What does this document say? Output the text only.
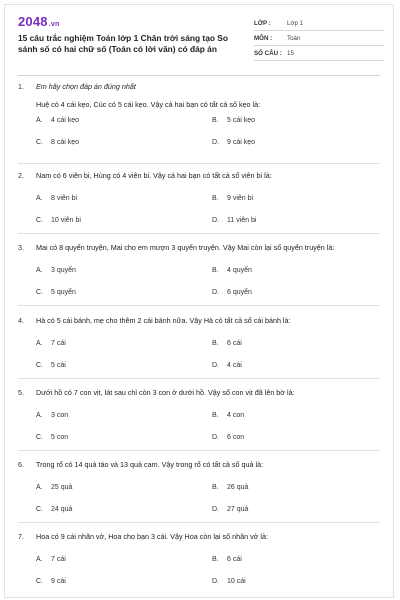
2048.vn
15 câu trắc nghiệm Toán lớp 1 Chân trời sáng tạo So sánh số có hai chữ số (Toán có lời văn) có đáp án
LỚP :	Lớp 1
MÔN :	Toán
SỐ CÂU : 15
1.	Em hãy chọn đáp án đúng nhất
Huệ có 4 cái kẹo, Cúc có 5 cái kẹo. Vậy cả hai bạn có tất cả số kẹo là:
A.	4 cái kẹo	B.	5 cái kẹo
C.	8 cái kẹo	D.	9 cái kẹo
2.	Nam có 6 viên bi, Hùng có 4 viên bi. Vậy cả hai bạn có tất cả số viên bi là:
A.	8 viên bi	B.	9 viên bi
C.	10 viên bi	D.	11 viên bi
3.	Mai có 8 quyển truyện, Mai cho em mượn 3 quyển truyện. Vậy Mai còn lại số quyển truyện là:
A.	3 quyển	B.	4 quyển
C.	5 quyển	D.	6 quyển
4.	Hà có 5 cái bánh, mẹ cho thêm 2 cái bánh nữa. Vậy Hà có tất cả số cái bánh là:
A.	7 cái	B.	6 cái
C.	5 cái	D.	4 cái
5.	Dưới hồ có 7 con vịt, lát sau chỉ còn 3 con ở dưới hồ. Vậy số con vịt đã lên bờ là:
A.	3 con	B.	4 con
C.	5 con	D.	6 con
6.	Trong rổ có 14 quả táo và 13 quả cam. Vậy trong rổ có tất cả số quả là:
A.	25 quả	B.	26 quả
C.	24 quả	D.	27 quả
7.	Hoa có 9 cái nhãn vở, Hoa cho bạn 3 cái. Vậy Hoa còn lại số nhãn vở là:
A.	7 cái	B.	6 cái
C.	9 cái	D.	10 cái
